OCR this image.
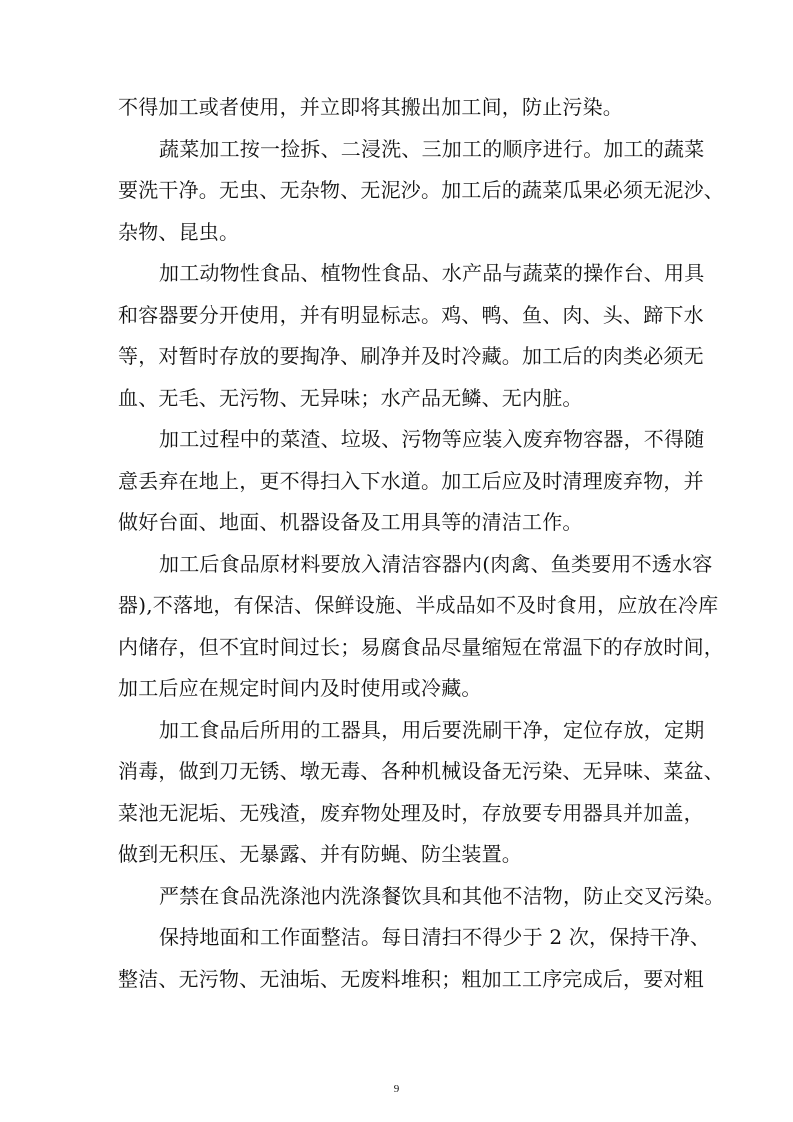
不得加工或者使用，并立即将其搬出加工间，防止污染。
蔬菜加工按一捡拆、二浸洗、三加工的顺序进行。加工的蔬菜
要洗干净。无虫、无杂物、无泥沙。加工后的蔬菜瓜果必须无泥沙、
杂物、昆虫。
加工动物性食品、植物性食品、水产品与蔬菜的操作台、用具
和容器要分开使用，并有明显标志。鸡、鸭、鱼、肉、头、蹄下水
等，对暂时存放的要掏净、刷净并及时冷藏。加工后的肉类必须无
血、无毛、无污物、无异味；水产品无鳞、无内脏。
加工过程中的菜渣、垃圾、污物等应装入废弃物容器，不得随
意丢弃在地上，更不得扫入下水道。加工后应及时清理废弃物，并
做好台面、地面、机器设备及工用具等的清洁工作。
加工后食品原材料要放入清洁容器内(肉禽、鱼类要用不透水容
器),不落地，有保洁、保鲜设施、半成品如不及时食用，应放在冷库
内储存，但不宜时间过长；易腐食品尽量缩短在常温下的存放时间，
加工后应在规定时间内及时使用或冷藏。
加工食品后所用的工器具，用后要洗刷干净，定位存放，定期
消毒，做到刀无锈、墩无毒、各种机械设备无污染、无异味、菜盆、
菜池无泥垢、无残渣，废弃物处理及时，存放要专用器具并加盖，
做到无积压、无暴露、并有防蝇、防尘装置。
严禁在食品洗涤池内洗涤餐饮具和其他不洁物，防止交叉污染。
保持地面和工作面整洁。每日清扫不得少于 2 次，保持干净、
整洁、无污物、无油垢、无废料堆积；粗加工工序完成后，要对粗
9
